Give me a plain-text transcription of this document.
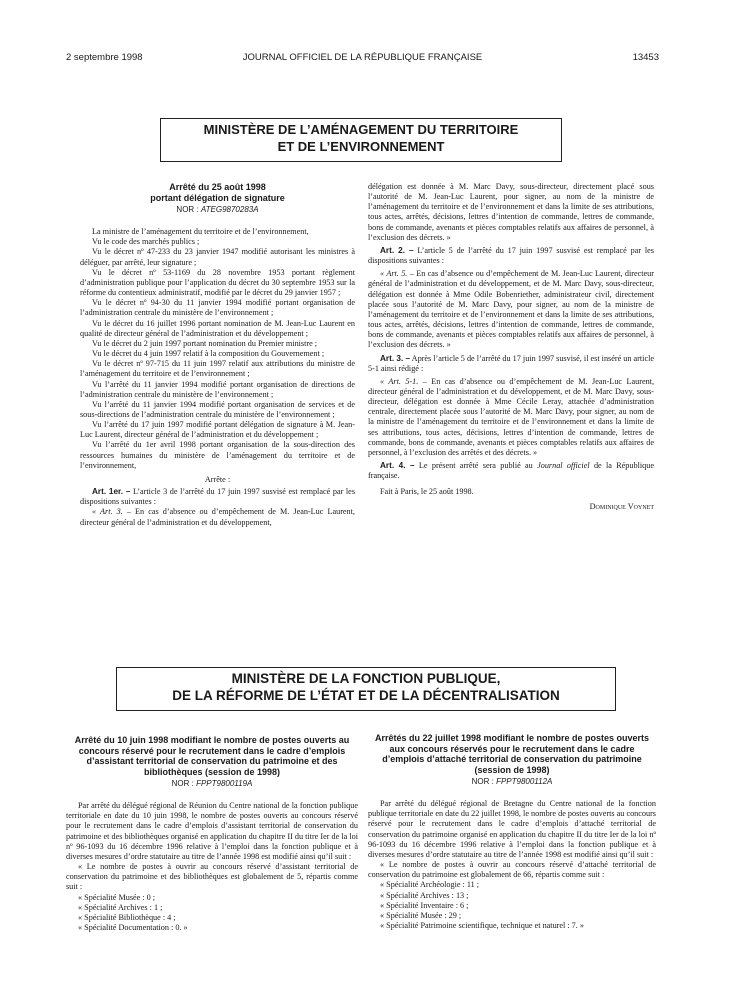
2 septembre 1998	JOURNAL OFFICIEL DE LA RÉPUBLIQUE FRANÇAISE	13453
MINISTÈRE DE L’AMÉNAGEMENT DU TERRITOIRE
ET DE L’ENVIRONNEMENT

Arrêté du 25 août 1998

portant délégation de signature

NOR : ATEG9870283A

La ministre de l’aménagement du territoire et de l’environnement,

Vu le code des marchés publics ;

Vu le décret nº 47-233 du 23 janvier 1947 modifié autorisant les ministres à déléguer, par arrêté, leur signature ;

Vu le décret nº 53-1169 du 28 novembre 1953 portant règlement d’administration publique pour l’application du décret du 30 septembre 1953 sur la réforme du contentieux administratif, modifié par le décret du 29 janvier 1957 ;

Vu le décret nº 94-30 du 11 janvier 1994 modifié portant organisation de l’administration centrale du ministère de l’environnement ;

Vu le décret du 16 juillet 1996 portant nomination de M. Jean-Luc Laurent en qualité de directeur général de l’administration et du développement ;

Vu le décret du 2 juin 1997 portant nomination du Premier ministre ;

Vu le décret du 4 juin 1997 relatif à la composition du Gouvernement ;

Vu le décret nº 97-715 du 11 juin 1997 relatif aux attributions du ministre de l’aménagement du territoire et de l’environnement ;

Vu l’arrêté du 11 janvier 1994 modifié portant organisation de directions de l’administration centrale du ministère de l’environnement ;

Vu l’arrêté du 11 janvier 1994 modifié portant organisation de services et de sous-directions de l’administration centrale du ministère de l’environnement ;

Vu l’arrêté du 17 juin 1997 modifié portant délégation de signature à M. Jean-Luc Laurent, directeur général de l’administration et du développement ;

Vu l’arrêté du 1er avril 1998 portant organisation de la sous-direction des ressources humaines du ministère de l’aménagement du territoire et de l’environnement,

Arrête :

Art. 1er. – L’article 3 de l’arrêté du 17 juin 1997 susvisé est remplacé par les dispositions suivantes :

« Art. 3. – En cas d’absence ou d’empêchement de M. Jean-Luc Laurent, directeur général de l’administration et du développement,

délégation est donnée à M. Marc Davy, sous-directeur, directement placé sous l’autorité de M. Jean-Luc Laurent, pour signer, au nom de la ministre de l’aménagement du territoire et de l’environnement et dans la limite de ses attributions, tous actes, arrêtés, décisions, lettres d’intention de commande, lettres de commande, bons de commande, avenants et pièces comptables relatifs aux affaires de personnel, à l’exclusion des décrets. »

Art. 2. – L’article 5 de l’arrêté du 17 juin 1997 susvisé est remplacé par les dispositions suivantes :

« Art. 5. – En cas d’absence ou d’empêchement de M. Jean-Luc Laurent, directeur général de l’administration et du développement, et de M. Marc Davy, sous-directeur, délégation est donnée à Mme Odile Bobenriether, administrateur civil, directement placée sous l’autorité de M. Marc Davy, pour signer, au nom de la ministre de l’aménagement du territoire et de l’environnement et dans la limite de ses attributions, tous actes, arrêtés, décisions, lettres d’intention de commande, lettres de commande, bons de commande, avenants et pièces comptables relatifs aux affaires de personnel, à l’exclusion des décrets. »

Art. 3. – Après l’article 5 de l’arrêté du 17 juin 1997 susvisé, il est inséré un article 5-1 ainsi rédigé :

« Art. 5-1. – En cas d’absence ou d’empêchement de M. Jean-Luc Laurent, directeur général de l’administration et du développement, et de M. Marc Davy, sous-directeur, délégation est donnée à Mme Cécile Leray, attachée d’administration centrale, directement placée sous l’autorité de M. Marc Davy, pour signer, au nom de la ministre de l’aménagement du territoire et de l’environnement et dans la limite de ses attributions, tous actes, décisions, lettres d’intention de commande, lettres de commande, bons de commande, avenants et pièces comptables relatifs aux affaires de personnel, à l’exclusion des arrêtés et des décrets. »

Art. 4. – Le présent arrêté sera publié au Journal officiel de la République française.

Fait à Paris, le 25 août 1998.

Dominique Voynet

MINISTÈRE DE LA FONCTION PUBLIQUE,
DE LA RÉFORME DE L’ÉTAT ET DE LA DÉCENTRALISATION

Arrêté du 10 juin 1998 modifiant le nombre de postes ouverts au concours réservé pour le recrutement dans le cadre d’emplois d’assistant territorial de conservation du patrimoine et des bibliothèques (session de 1998)

NOR : FPPT9800119A

Par arrêté du délégué régional de Réunion du Centre national de la fonction publique territoriale en date du 10 juin 1998, le nombre de postes ouverts au concours réservé pour le recrutement dans le cadre d’emplois d’assistant territorial de conservation du patrimoine et des bibliothèques organisé en application du chapitre II du titre Ier de la loi nº 96-1093 du 16 décembre 1996 relative à l’emploi dans la fonction publique et à diverses mesures d’ordre statutaire au titre de l’année 1998 est modifié ainsi qu’il suit :

« Le nombre de postes à ouvrir au concours réservé d’assistant territorial de conservation du patrimoine et des bibliothèques est globalement de 5, répartis comme suit :

« Spécialité Musée : 0 ;

« Spécialité Archives : 1 ;

« Spécialité Bibliothèque : 4 ;

« Spécialité Documentation : 0. »

Arrêtés du 22 juillet 1998 modifiant le nombre de postes ouverts aux concours réservés pour le recrutement dans le cadre d’emplois d’attaché territorial de conservation du patrimoine (session de 1998)

NOR : FPPT9800112A

Par arrêté du délégué régional de Bretagne du Centre national de la fonction publique territoriale en date du 22 juillet 1998, le nombre de postes ouverts au concours réservé pour le recrutement dans le cadre d’emplois d’attaché territorial de conservation du patrimoine organisé en application du chapitre II du titre Ier de la loi nº 96-1093 du 16 décembre 1996 relative à l’emploi dans la fonction publique et à diverses mesures d’ordre statutaire au titre de l’année 1998 est modifié ainsi qu’il suit :

« Le nombre de postes à ouvrir au concours réservé d’attaché territorial de conservation du patrimoine est globalement de 66, répartis comme suit :

« Spécialité Archéologie : 11 ;

« Spécialité Archives : 13 ;

« Spécialité Inventaire : 6 ;

« Spécialité Musée : 29 ;

« Spécialité Patrimoine scientifique, technique et naturel : 7. »
